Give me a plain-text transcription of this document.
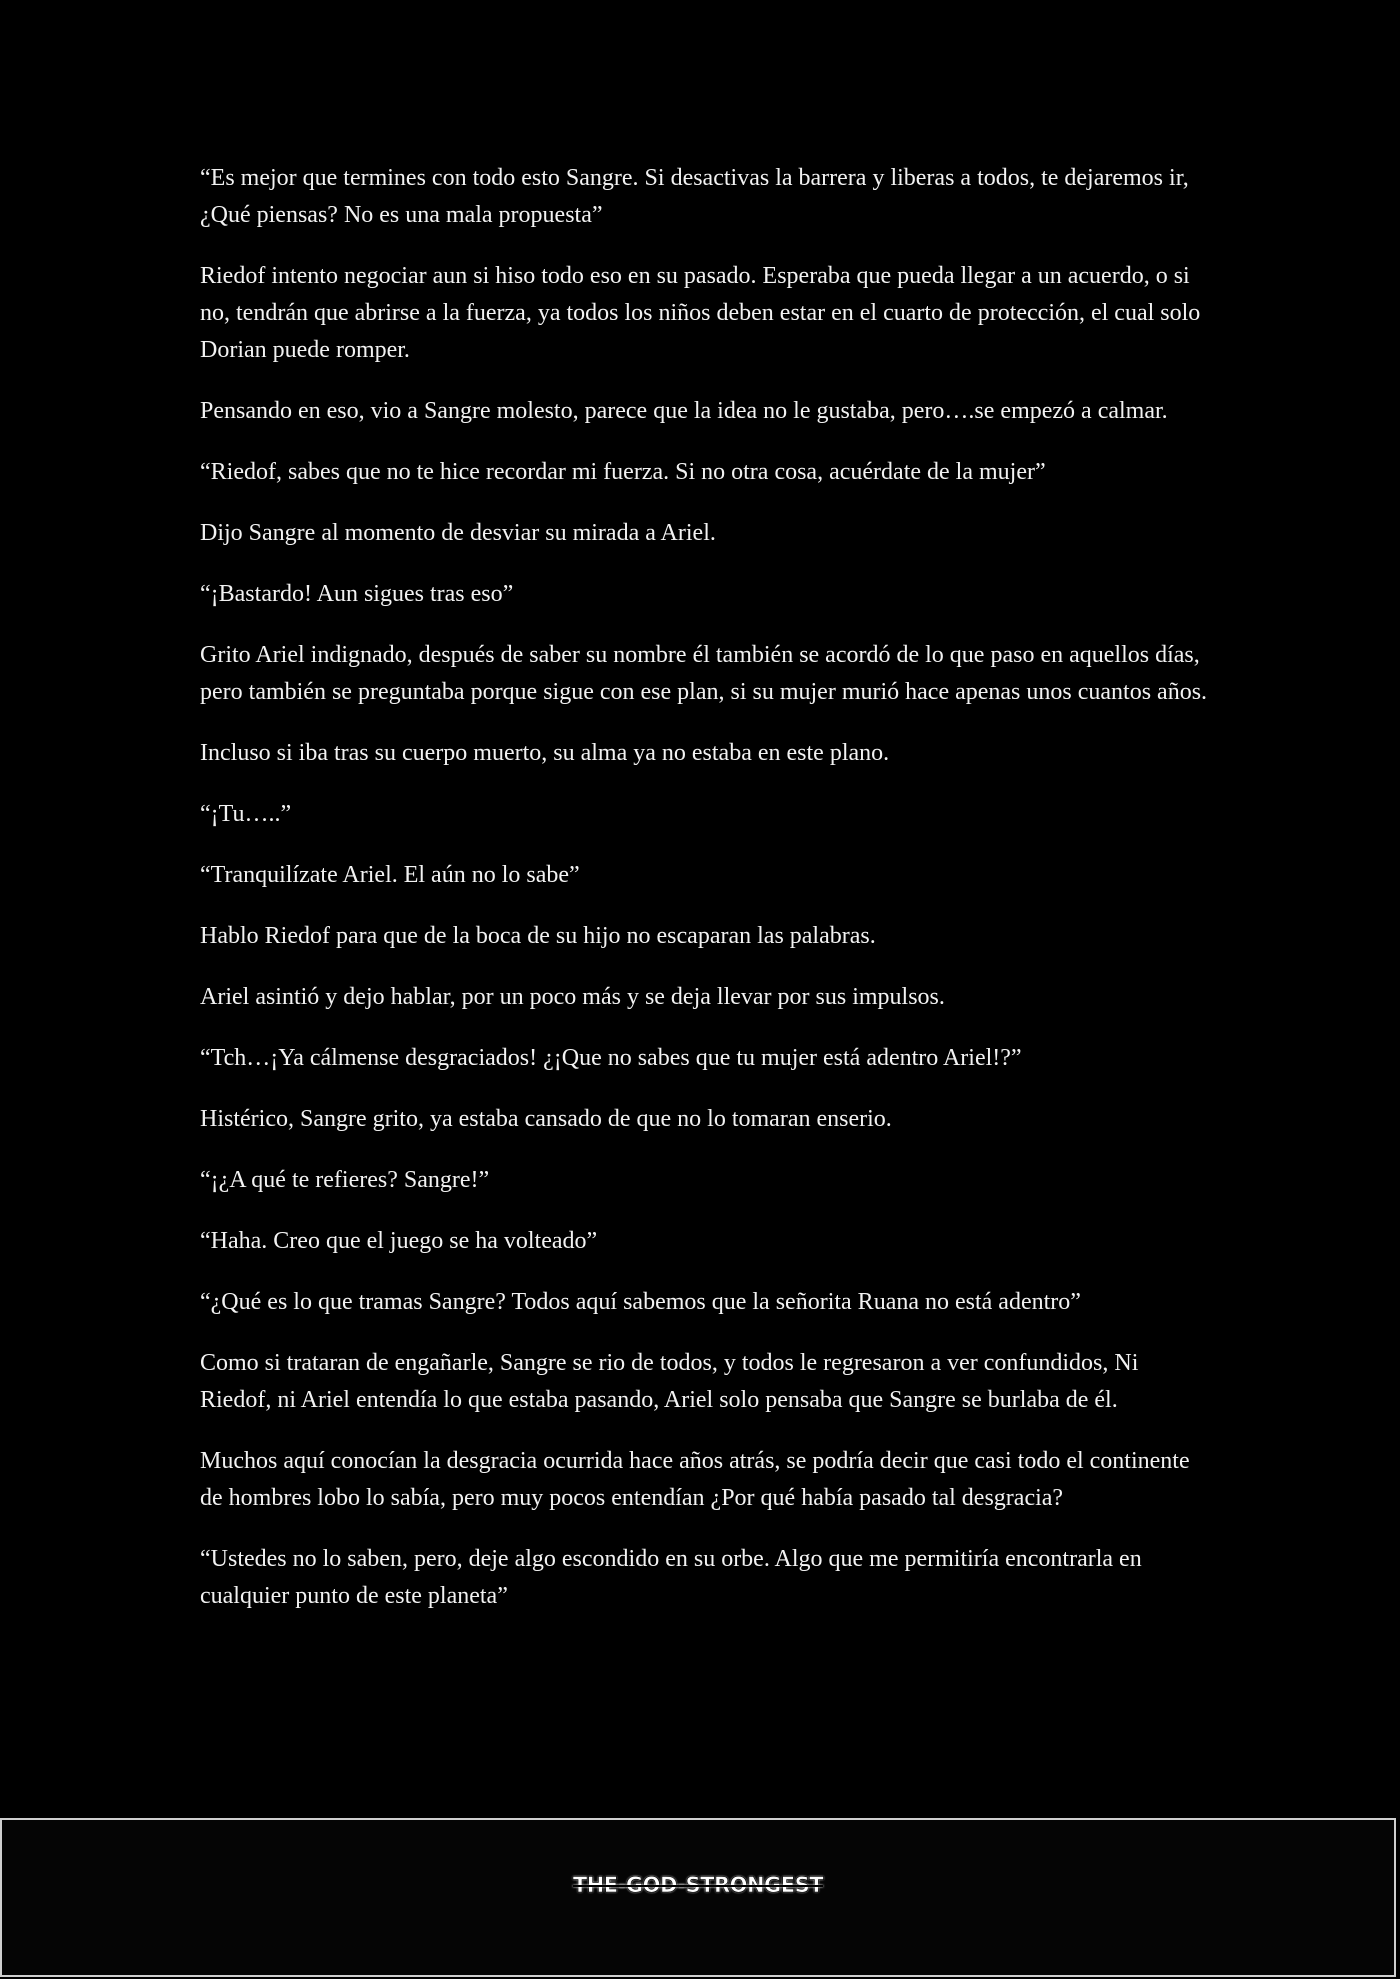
“Es mejor que termines con todo esto Sangre. Si desactivas la barrera y liberas a todos, te dejaremos ir, ¿Qué piensas? No es una mala propuesta”

Riedof intento negociar aun si hiso todo eso en su pasado. Esperaba que pueda llegar a un acuerdo, o si no, tendrán que abrirse a la fuerza, ya todos los niños deben estar en el cuarto de protección, el cual solo Dorian puede romper.

Pensando en eso, vio a Sangre molesto, parece que la idea no le gustaba, pero….se empezó a calmar.

“Riedof, sabes que no te hice recordar mi fuerza. Si no otra cosa, acuérdate de la mujer”

Dijo Sangre al momento de desviar su mirada a Ariel.

“¡Bastardo! Aun sigues tras eso”

Grito Ariel indignado, después de saber su nombre él también se acordó de lo que paso en aquellos días, pero también se preguntaba porque sigue con ese plan, si su mujer murió hace apenas unos cuantos años.

Incluso si iba tras su cuerpo muerto, su alma ya no estaba en este plano.

“¡Tu…..”

“Tranquilízate Ariel. El aún no lo sabe”

Hablo Riedof para que de la boca de su hijo no escaparan las palabras.

Ariel asintió y dejo hablar, por un poco más y se deja llevar por sus impulsos.

“Tch…¡Ya cálmense desgraciados! ¿¡Que no sabes que tu mujer está adentro Ariel!?”

Histérico, Sangre grito, ya estaba cansado de que no lo tomaran enserio.

“¡¿A qué te refieres? Sangre!”

“Haha. Creo que el juego se ha volteado”

“¿Qué es lo que tramas Sangre? Todos aquí sabemos que la señorita Ruana no está adentro”

Como si trataran de engañarle, Sangre se rio de todos, y todos le regresaron a ver confundidos, Ni Riedof, ni Ariel entendía lo que estaba pasando, Ariel solo pensaba que Sangre se burlaba de él.

Muchos aquí conocían la desgracia ocurrida hace años atrás, se podría decir que casi todo el continente de hombres lobo lo sabía, pero muy pocos entendían ¿Por qué había pasado tal desgracia?

“Ustedes no lo saben, pero, deje algo escondido en su orbe. Algo que me permitiría encontrarla en cualquier punto de este planeta”

THE-GOD-STRONGEST
